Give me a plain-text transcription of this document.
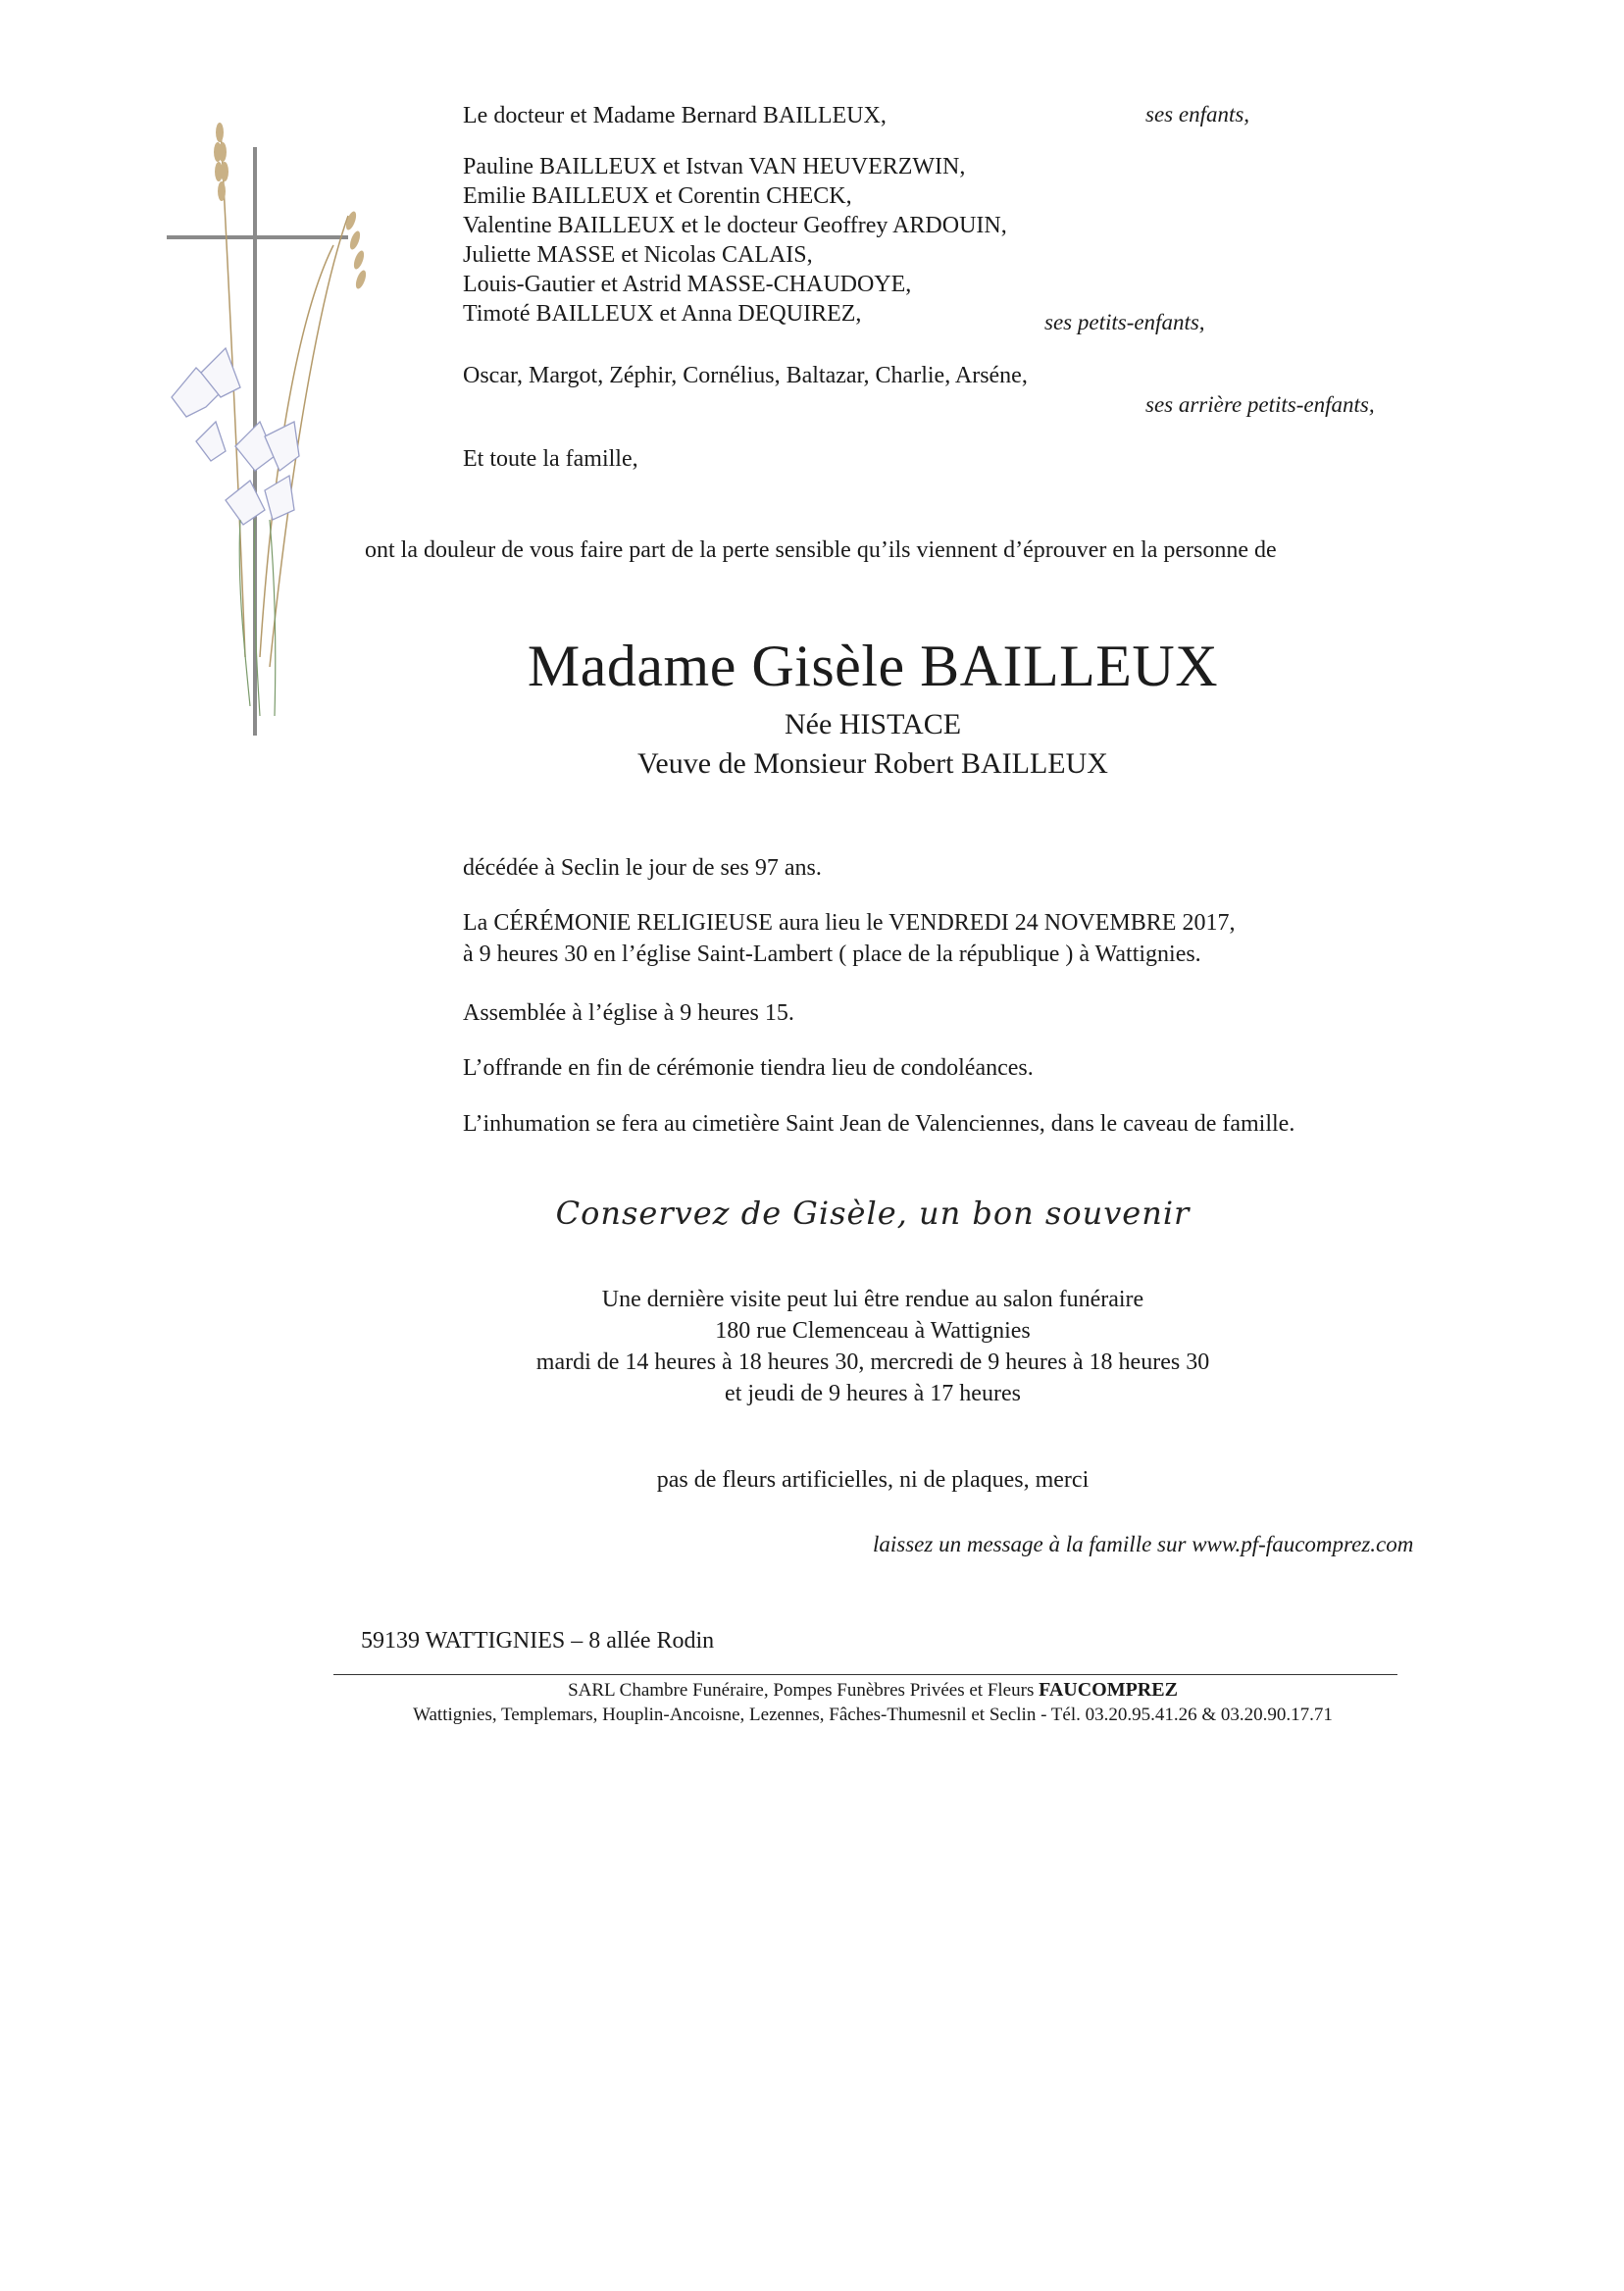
Le docteur et Madame Bernard BAILLEUX,	ses enfants,
Pauline BAILLEUX et Istvan VAN HEUVERZWIN,
Emilie BAILLEUX et Corentin CHECK,
Valentine BAILLEUX et le docteur Geoffrey ARDOUIN,
Juliette MASSE et Nicolas CALAIS,
Louis-Gautier et Astrid MASSE-CHAUDOYE,
Timoté BAILLEUX et Anna DEQUIREZ,	ses petits-enfants,
Oscar, Margot, Zéphir, Cornélius, Baltazar, Charlie, Arséne,
ses arrière petits-enfants,
Et toute la famille,
ont la douleur de vous faire part de la perte sensible qu’ils viennent d’éprouver en la personne de
Madame Gisèle BAILLEUX
Née HISTACE
Veuve de Monsieur Robert BAILLEUX
décédée à Seclin le jour de ses 97 ans.
La CÉRÉMONIE RELIGIEUSE aura lieu le VENDREDI 24 NOVEMBRE 2017,
à 9 heures 30 en l’église Saint-Lambert ( place de la république ) à Wattignies.
Assemblée à l’église à 9 heures 15.
L’offrande en fin de cérémonie tiendra lieu de condoléances.
L’inhumation se fera au cimetière Saint Jean de Valenciennes, dans le caveau de famille.
Conservez de Gisèle, un bon souvenir
Une dernière visite peut lui être rendue au salon funéraire
180 rue Clemenceau à Wattignies
mardi de 14 heures à 18 heures 30, mercredi de 9 heures à 18 heures 30
et jeudi de 9 heures à 17 heures
pas de fleurs artificielles, ni de plaques, merci
laissez un message à la famille sur www.pf-faucomprez.com
59139 WATTIGNIES – 8 allée Rodin
SARL Chambre Funéraire, Pompes Funèbres Privées et Fleurs FAUCOMPREZ
Wattignies, Templemars, Houplin-Ancoisne, Lezennes, Fâches-Thumesnil et Seclin - Tél. 03.20.95.41.26 & 03.20.90.17.71
